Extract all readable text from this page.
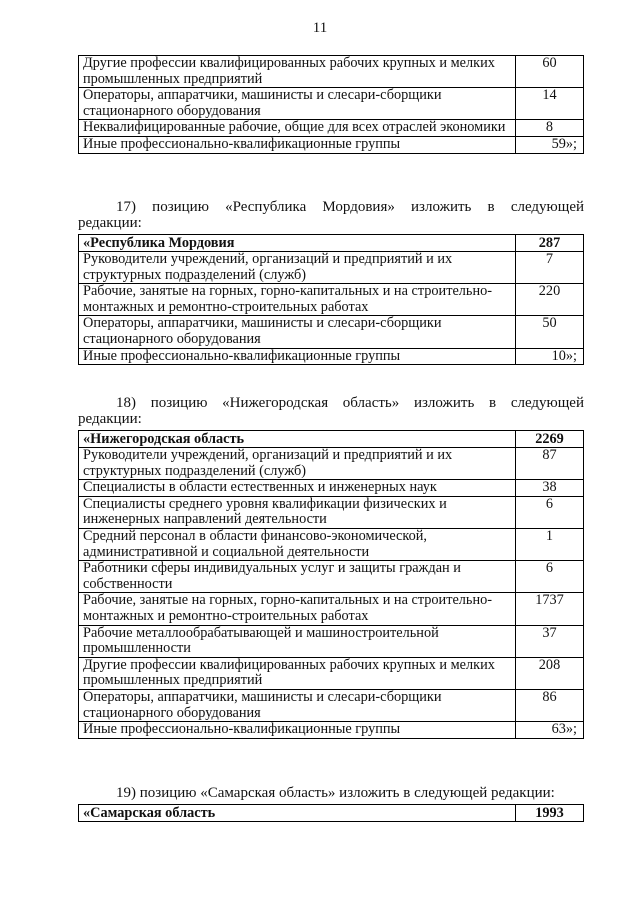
11
Другие профессии квалифицированных рабочих крупных и мелких промышленных предприятий	60
Операторы, аппаратчики, машинисты и слесари-сборщики стационарного оборудования	14
Неквалифицированные рабочие, общие для всех отраслей экономики	8
Иные профессионально-квалификационные группы	59»;
17) позицию «Республика Мордовия» изложить в следующей
редакции:
«Республика Мордовия	287
Руководители учреждений, организаций и предприятий и их структурных подразделений (служб)	7
Рабочие, занятые на горных, горно-капитальных и на строительно-монтажных и ремонтно-строительных работах	220
Операторы, аппаратчики, машинисты и слесари-сборщики стационарного оборудования	50
Иные профессионально-квалификационные группы	10»;
18) позицию «Нижегородская область» изложить в следующей
редакции:
«Нижегородская область	2269
Руководители учреждений, организаций и предприятий и их структурных подразделений (служб)	87
Специалисты в области естественных и инженерных наук	38
Специалисты среднего уровня квалификации физических и инженерных направлений деятельности	6
Средний персонал в области финансово-экономической, административной и социальной деятельности	1
Работники сферы индивидуальных услуг и защиты граждан и собственности	6
Рабочие, занятые на горных, горно-капитальных и на строительно-монтажных и ремонтно-строительных работах	1737
Рабочие металлообрабатывающей и машиностроительной промышленности	37
Другие профессии квалифицированных рабочих крупных и мелких промышленных предприятий	208
Операторы, аппаратчики, машинисты и слесари-сборщики стационарного оборудования	86
Иные профессионально-квалификационные группы	63»;
19) позицию «Самарская область» изложить в следующей редакции:
«Самарская область	1993
